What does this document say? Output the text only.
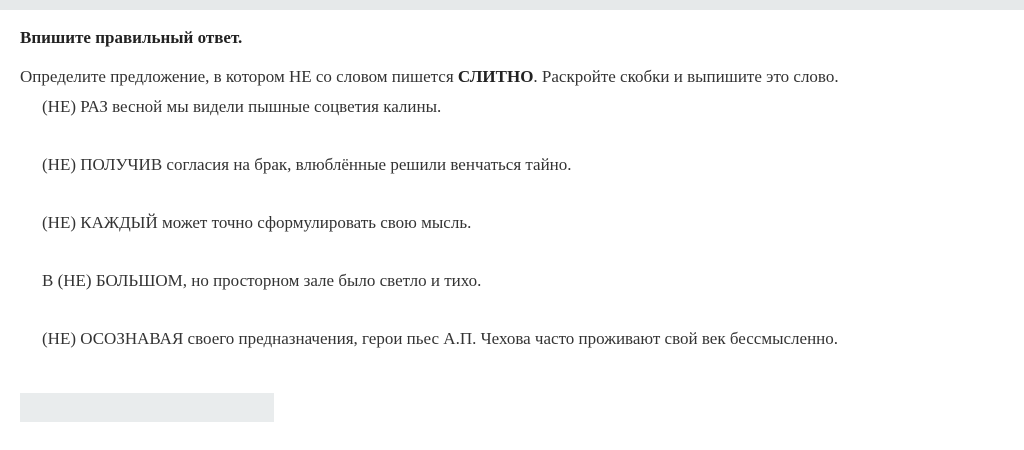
Впишите правильный ответ.
Определите предложение, в котором НЕ со словом пишется СЛИТНО. Раскройте скобки и выпишите это слово.
(НЕ) РАЗ весной мы видели пышные соцветия калины.
(НЕ) ПОЛУЧИВ согласия на брак, влюблённые решили венчаться тайно.
(НЕ) КАЖДЫЙ может точно сформулировать свою мысль.
В (НЕ) БОЛЬШОМ, но просторном зале было светло и тихо.
(НЕ) ОСОЗНАВАЯ своего предназначения, герои пьес А.П. Чехова часто проживают свой век бессмысленно.
